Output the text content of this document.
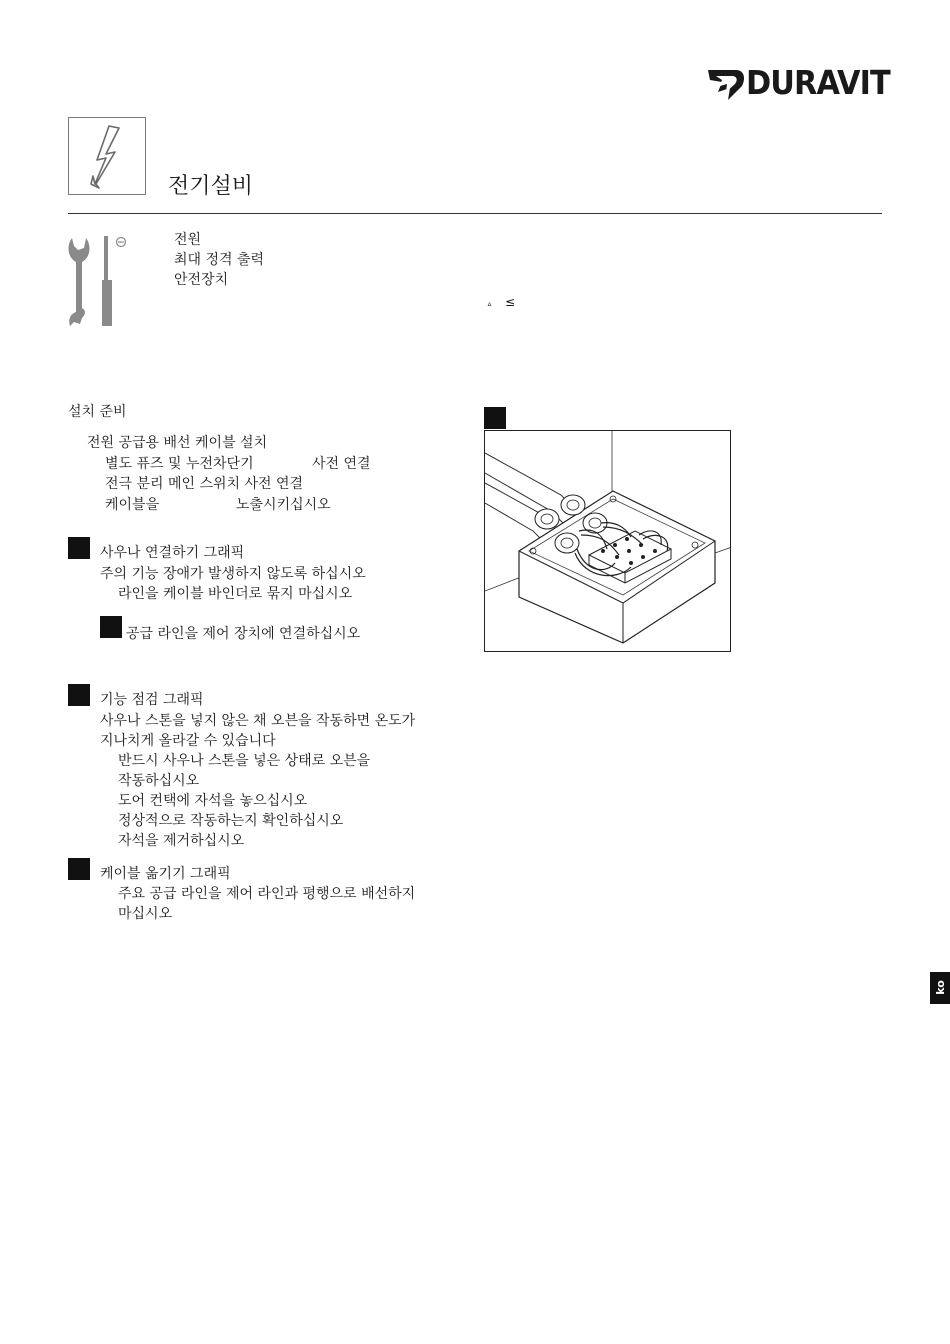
DURAVIT
전기설비
전원
최대 정격 출력
안전장치
ᐞ ≤
설치 준비
전원 공급용 배선 케이블 설치
별도 퓨즈 및 누전차단기	사전 연결
전극 분리 메인 스위치 사전 연결
케이블을	노출시키십시오
사우나 연결하기 그래픽
주의 기능 장애가 발생하지 않도록 하십시오
라인을 케이블 바인더로 묶지 마십시오
공급 라인을 제어 장치에 연결하십시오
기능 점검 그래픽
사우나 스톤을 넣지 않은 채 오븐을 작동하면 온도가
지나치게 올라갈 수 있습니다
반드시 사우나 스톤을 넣은 상태로 오븐을
작동하십시오
도어 컨택에 자석을 놓으십시오
정상적으로 작동하는지 확인하십시오
자석을 제거하십시오
케이블 옮기기 그래픽
주요 공급 라인을 제어 라인과 평행으로 배선하지
마십시오
ko
